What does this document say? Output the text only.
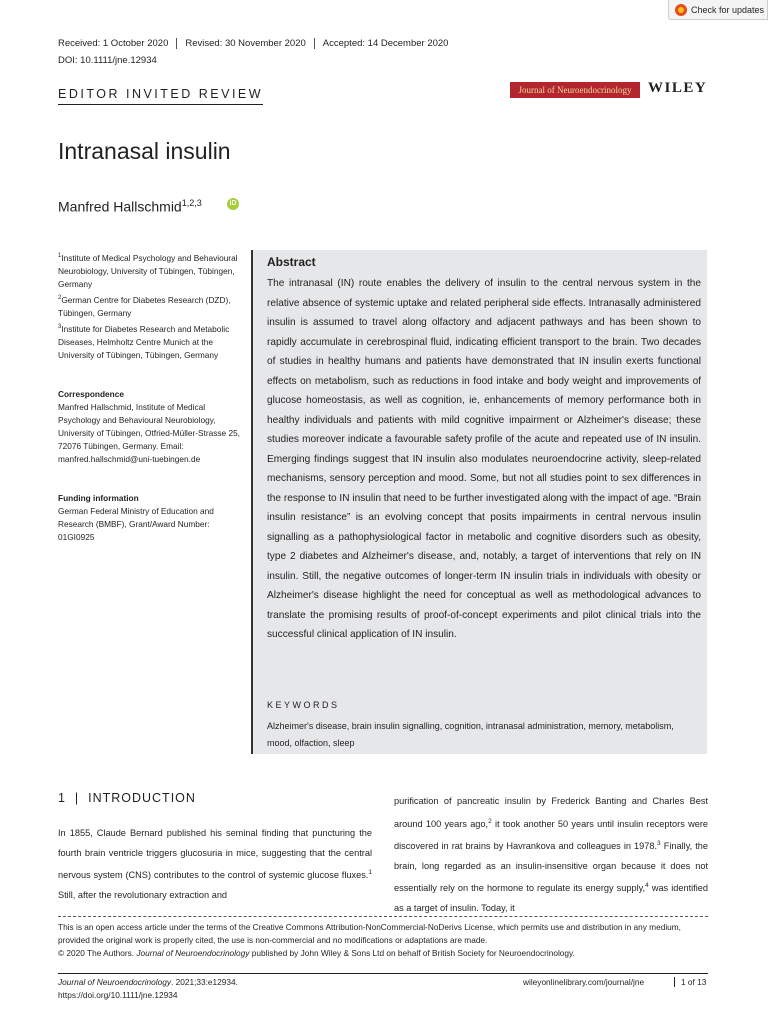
Check for updates
Received: 1 October 2020	Revised: 30 November 2020	Accepted: 14 December 2020
DOI: 10.1111/jne.12934
EDITOR INVITED REVIEW	Journal of Neuroendocrinology	WILEY
Intranasal insulin
Manfred Hallschmid$^{1,2,3}$	iD
$^1$Institute of Medical Psychology and Behavioural Neurobiology, University of Tübingen, Tübingen, Germany
$^2$German Centre for Diabetes Research (DZD), Tübingen, Germany
$^3$Institute for Diabetes Research and Metabolic Diseases, Helmholtz Centre Munich at the University of Tübingen, Tübingen, Germany
Correspondence
Manfred Hallschmid, Institute of Medical Psychology and Behavioural Neurobiology, University of Tübingen, Otfried-Müller-Strasse 25, 72076 Tübingen, Germany. Email: manfred.hallschmid@uni-tuebingen.de
Funding information
German Federal Ministry of Education and Research (BMBF), Grant/Award Number: 01GI0925
Abstract
The intranasal (IN) route enables the delivery of insulin to the central nervous system in the relative absence of systemic uptake and related peripheral side effects. Intranasally administered insulin is assumed to travel along olfactory and adjacent pathways and has been shown to rapidly accumulate in cerebrospinal fluid, indicating efficient transport to the brain. Two decades of studies in healthy humans and patients have demonstrated that IN insulin exerts functional effects on metabolism, such as reductions in food intake and body weight and improvements of glucose homeostasis, as well as cognition, ie, enhancements of memory performance both in healthy individuals and patients with mild cognitive impairment or Alzheimer's disease; these studies moreover indicate a favourable safety profile of the acute and repeated use of IN insulin. Emerging findings suggest that IN insulin also modulates neuroendocrine activity, sleep-related mechanisms, sensory perception and mood. Some, but not all studies point to sex differences in the response to IN insulin that need to be further investigated along with the impact of age. “Brain insulin resistance” is an evolving concept that posits impairments in central nervous insulin signalling as a pathophysiological factor in metabolic and cognitive disorders such as obesity, type 2 diabetes and Alzheimer's disease, and, notably, a target of interventions that rely on IN insulin. Still, the negative outcomes of longer-term IN insulin trials in individuals with obesity or Alzheimer's disease highlight the need for conceptual as well as methodological advances to translate the promising results of proof-of-concept experiments and pilot clinical trials into the successful clinical application of IN insulin.
KEYWORDS
Alzheimer's disease, brain insulin signalling, cognition, intranasal administration, memory, metabolism, mood, olfaction, sleep
1  |  INTRODUCTION
In 1855, Claude Bernard published his seminal finding that puncturing the fourth brain ventricle triggers glucosuria in mice, suggesting that the central nervous system (CNS) contributes to the control of systemic glucose fluxes.$^1$ Still, after the revolutionary extraction and
purification of pancreatic insulin by Frederick Banting and Charles Best around 100 years ago,$^2$ it took another 50 years until insulin receptors were discovered in rat brains by Havrankova and colleagues in 1978.$^3$ Finally, the brain, long regarded as an insulin-insensitive organ because it does not essentially rely on the hormone to regulate its energy supply,$^4$ was identified as a target of insulin. Today, it
This is an open access article under the terms of the Creative Commons Attribution-NonCommercial-NoDerivs License, which permits use and distribution in any medium, provided the original work is properly cited, the use is non-commercial and no modifications or adaptations are made.
© 2020 The Authors. Journal of Neuroendocrinology published by John Wiley & Sons Ltd on behalf of British Society for Neuroendocrinology.
Journal of Neuroendocrinology. 2021;33:e12934.
https://doi.org/10.1111/jne.12934
wileyonlinelibrary.com/journal/jne	1 of 13
